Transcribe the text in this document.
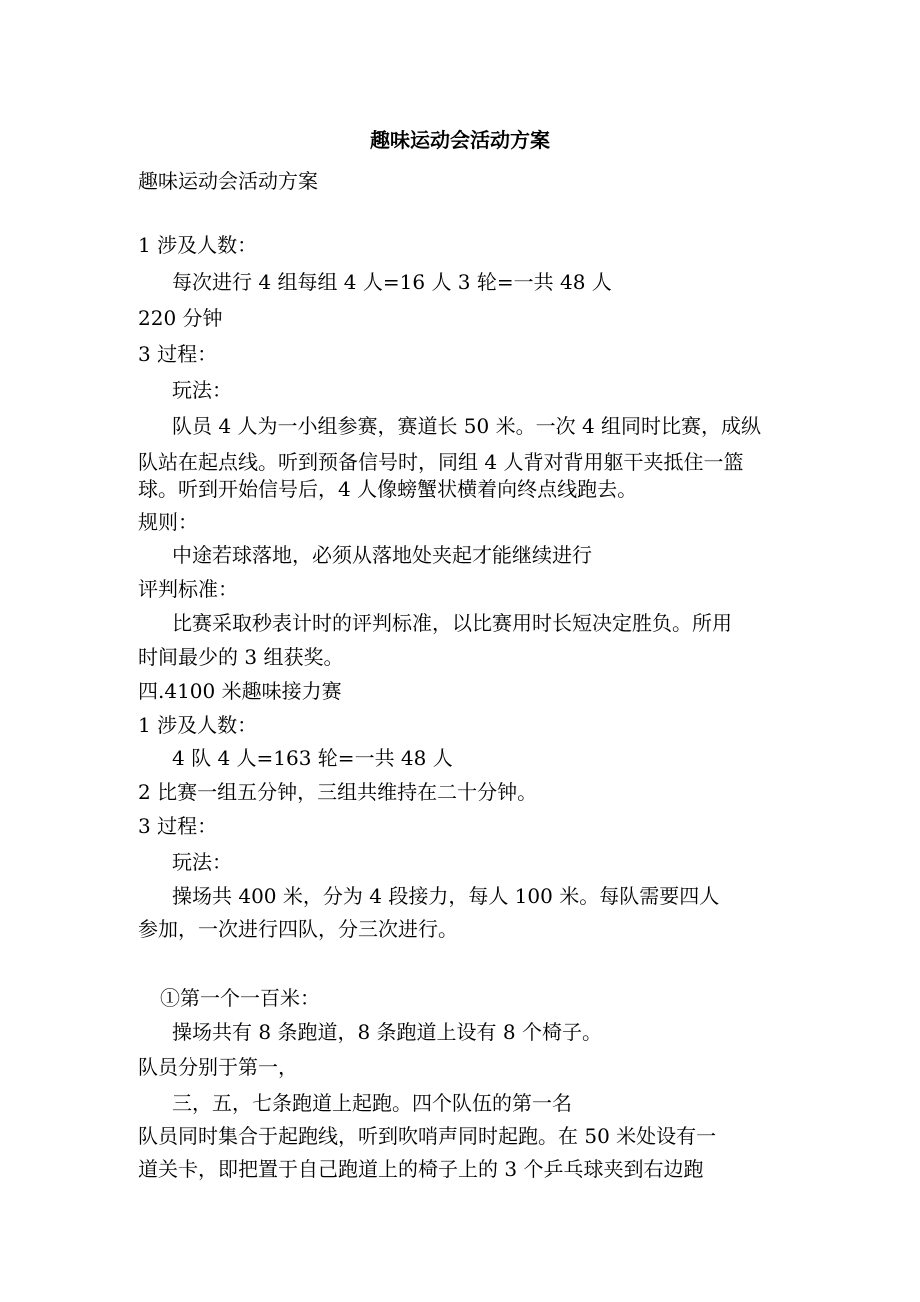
趣味运动会活动方案
趣味运动会活动方案
1 涉及人数：
每次进行 4 组每组 4 人=16 人 3 轮=一共 48 人
220 分钟
3 过程：
玩法：
队员 4 人为一小组参赛，赛道长 50 米。一次 4 组同时比赛，成纵
队站在起点线。听到预备信号时，同组 4 人背对背用躯干夹抵住一篮
球。听到开始信号后，4 人像螃蟹状横着向终点线跑去。
规则：
中途若球落地，必须从落地处夹起才能继续进行
评判标准：
比赛采取秒表计时的评判标准，以比赛用时长短决定胜负。所用
时间最少的 3 组获奖。
四.4100 米趣味接力赛
1 涉及人数：
4 队 4 人=163 轮=一共 48 人
2 比赛一组五分钟，三组共维持在二十分钟。
3 过程：
玩法：
操场共 400 米，分为 4 段接力，每人 100 米。每队需要四人
参加，一次进行四队，分三次进行。
①第一个一百米：
操场共有 8 条跑道，8 条跑道上设有 8 个椅子。
队员分别于第一，
三，五，七条跑道上起跑。四个队伍的第一名
队员同时集合于起跑线，听到吹哨声同时起跑。在 50 米处设有一
道关卡，即把置于自己跑道上的椅子上的 3 个乒乓球夹到右边跑
